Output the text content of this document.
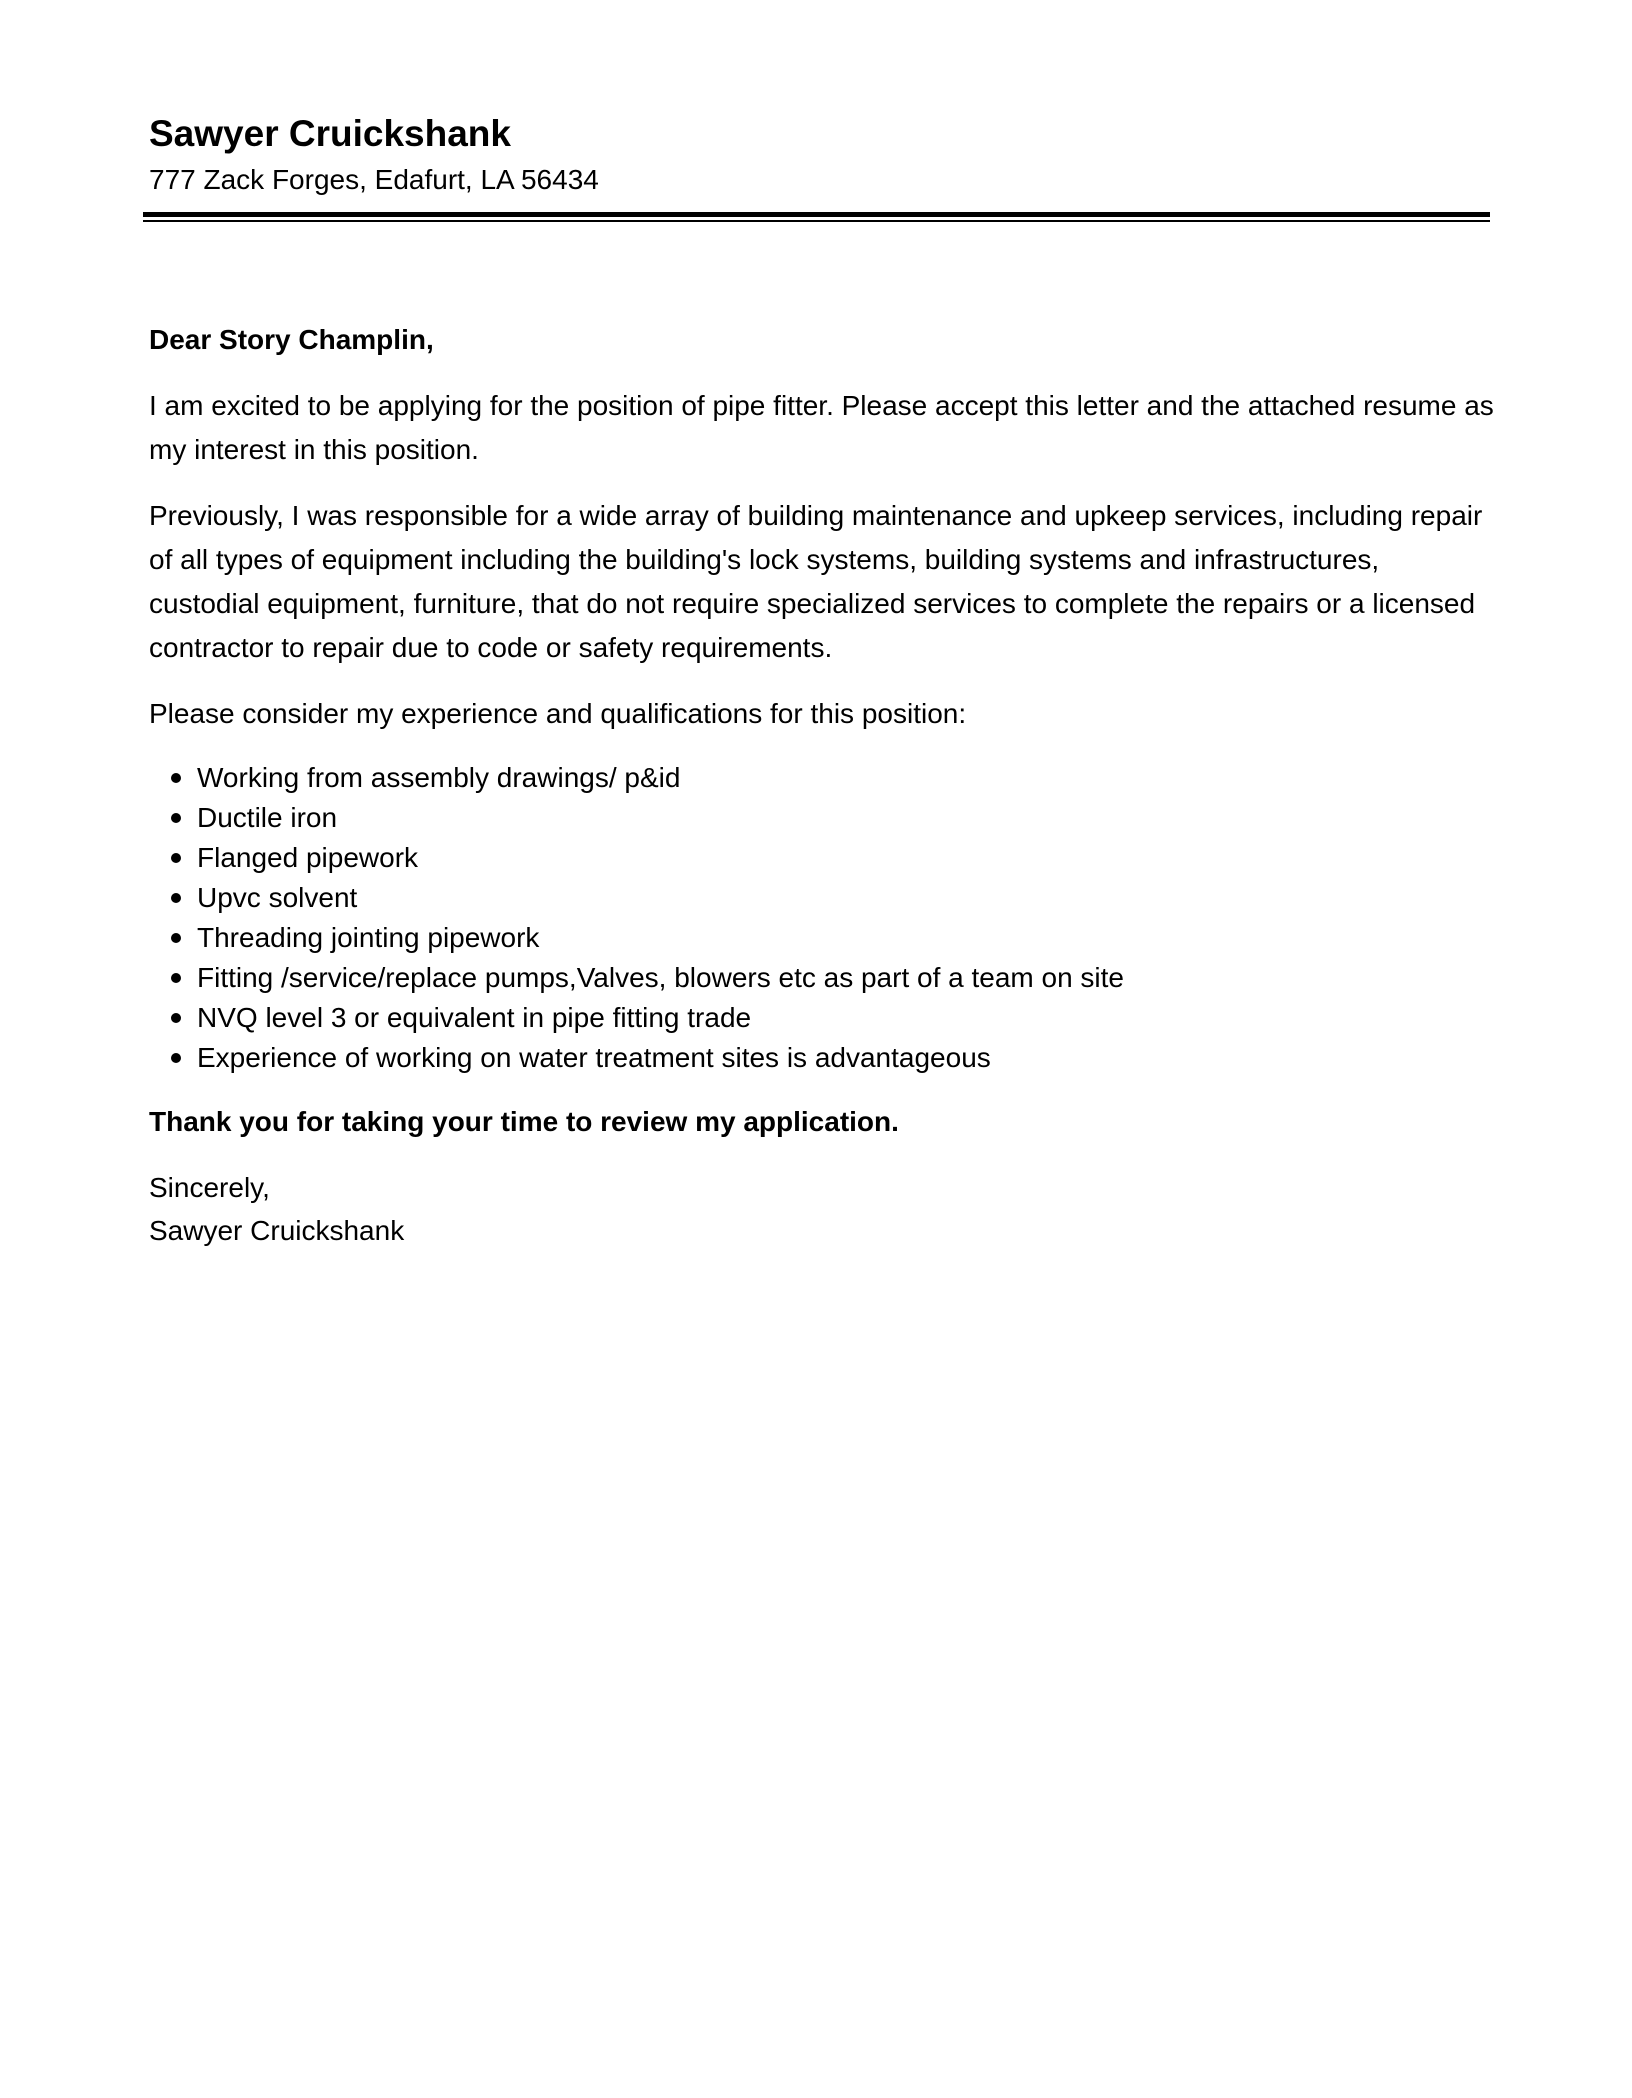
Sawyer Cruickshank
777 Zack Forges, Edafurt, LA 56434

Dear Story Champlin,

I am excited to be applying for the position of pipe fitter. Please accept this letter and the attached resume as my interest in this position.

Previously, I was responsible for a wide array of building maintenance and upkeep services, including repair of all types of equipment including the building's lock systems, building systems and infrastructures, custodial equipment, furniture, that do not require specialized services to complete the repairs or a licensed contractor to repair due to code or safety requirements.

Please consider my experience and qualifications for this position:

Working from assembly drawings/ p&id
Ductile iron
Flanged pipework
Upvc solvent
Threading jointing pipework
Fitting /service/replace pumps,Valves, blowers etc as part of a team on site
NVQ level 3 or equivalent in pipe fitting trade
Experience of working on water treatment sites is advantageous

Thank you for taking your time to review my application.

Sincerely,
Sawyer Cruickshank
